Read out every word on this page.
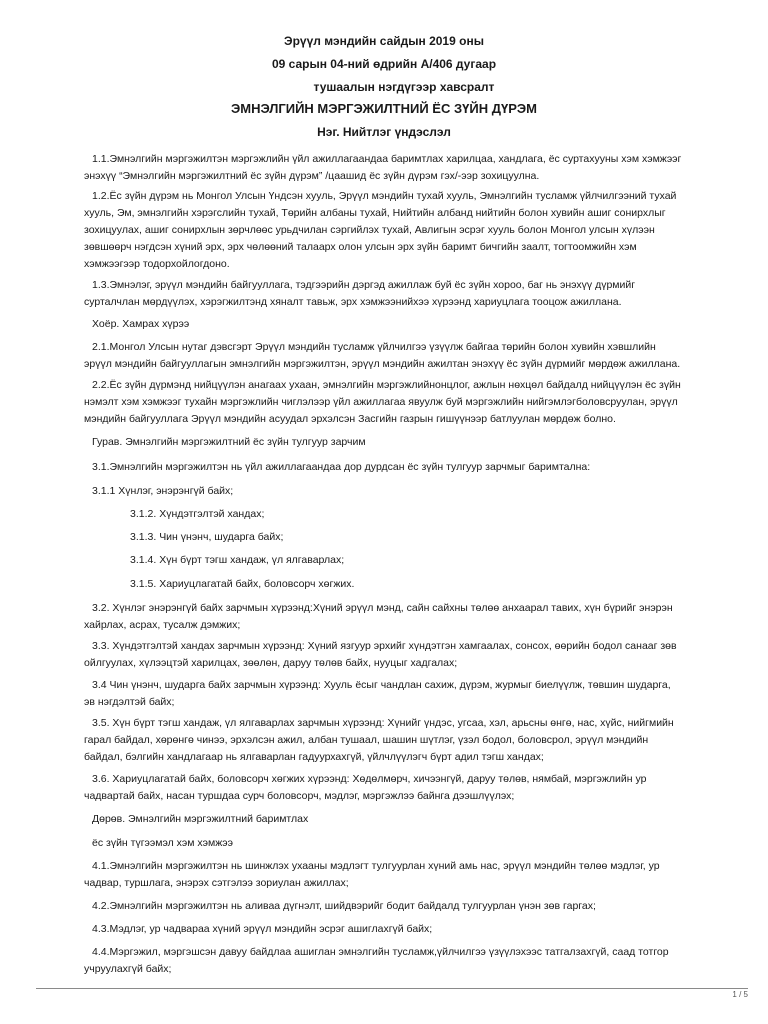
Эрүүл мэндийн сайдын 2019 оны
09 сарын 04-ний өдрийн А/406 дугаар
тушаалын нэгдүгээр хавсралт
ЭМНЭЛГИЙН МЭРГЭЖИЛТНИЙ ЁС ЗҮЙН ДҮРЭМ
Нэг. Нийтлэг үндэслэл

1.1.Эмнэлгийн мэргэжилтэн мэргэжлийн үйл ажиллагаандаа баримтлах харилцаа, хандлага, ёс суртахууны хэм хэмжээг энэхүү “Эмнэлгийн мэргэжилтний ёс зүйн дүрэм” /цаашид ёс зүйн дүрэм гэх/-ээр зохицуулна.

1.2.Ёс зүйн дүрэм нь Монгол Улсын Үндсэн хууль, Эрүүл мэндийн тухай хууль, Эмнэлгийн тусламж үйлчилгээний тухай хууль, Эм, эмнэлгийн хэрэгслийн тухай, Төрийн албаны тухай, Нийтийн албанд нийтийн болон хувийн ашиг сонирхлыг зохицуулах, ашиг сонирхлын зөрчлөөс урьдчилан сэргийлэх тухай, Авлигын эсрэг хууль болон Монгол улсын хүлээн зөвшөөрч нэгдсэн хүний эрх, эрх чөлөөний талаарх олон улсын эрх зүйн баримт бичгийн заалт, тогтоомжийн хэм хэмжээгээр тодорхойлогдоно.

1.3.Эмнэлэг, эрүүл мэндийн байгууллага, тэдгээрийн дэргэд ажиллаж буй ёс зүйн хороо, баг нь энэхүү дүрмийг сурталчлан мөрдүүлэх, хэрэгжилтэнд хяналт тавьж, эрх хэмжээнийхээ хүрээнд хариуцлага тооцож ажиллана.

Хоёр. Хамрах хүрээ

2.1.Монгол Улсын нутаг дэвсгэрт Эрүүл мэндийн тусламж үйлчилгээ үзүүлж байгаа төрийн болон хувийн хэвшлийн эрүүл мэндийн байгууллагын эмнэлгийн мэргэжилтэн, эрүүл мэндийн ажилтан энэхүү ёс зүйн дүрмийг мөрдөж ажиллана.

2.2.Ёс зүйн дүрмэнд нийцүүлэн анагаах ухаан, эмнэлгийн мэргэжлийнонцлог, ажлын нөхцөл байдалд нийцүүлэн ёс зүйн нэмэлт хэм хэмжээг тухайн мэргэжлийн чиглэлээр үйл ажиллагаа явуулж буй мэргэжлийн нийгэмлэгболовсруулан, эрүүл мэндийн байгууллага Эрүүл мэндийн асуудал эрхэлсэн Засгийн газрын гишүүнээр батлуулан мөрдөж болно.

Гурав. Эмнэлгийн мэргэжилтний ёс зүйн тулгуур зарчим
3.1.Эмнэлгийн мэргэжилтэн нь үйл ажиллагаандаа дор дурдсан ёс зүйн тулгуур зарчмыг баримтална:
3.1.1 Хүнлэг, энэрэнгүй байх;
3.1.2. Хүндэтгэлтэй хандах;
3.1.3. Чин үнэнч, шударга байх;
3.1.4. Хүн бүрт тэгш хандаж, үл ялгаварлах;
3.1.5. Хариуцлагатай байх, боловсорч хөгжих.

3.2. Хүнлэг энэрэнгүй байх зарчмын хүрээнд:Хүний эрүүл мэнд, сайн сайхны төлөө анхаарал тавих, хүн бүрийг энэрэн хайрлах, асрах, тусалж дэмжих;

3.3. Хүндэтгэлтэй хандах зарчмын хүрээнд: Хүний язгуур эрхийг хүндэтгэн хамгаалах, сонсох, өөрийн бодол санааг зөв ойлгуулах, хүлээцтэй харилцах, зөөлөн, даруу төлөв байх, нууцыг хадгалах;

3.4 Чин үнэнч, шударга байх зарчмын хүрээнд: Хууль ёсыг чандлан сахиж, дүрэм, журмыг биелүүлж, төвшин шударга, эв нэгдэлтэй байх;

3.5. Хүн бүрт тэгш хандаж, үл ялгаварлах зарчмын хүрээнд: Хүнийг үндэс, угсаа, хэл, арьсны өнгө, нас, хүйс, нийгмийн гарал байдал, хөрөнгө чинээ, эрхэлсэн ажил, албан тушаал, шашин шүтлэг, үзэл бодол, боловсрол, эрүүл мэндийн байдал, бэлгийн хандлагаар нь ялгаварлан гадуурхахгүй, үйлчлүүлэгч бүрт адил тэгш хандах;

3.6. Хариуцлагатай байх, боловсорч хөгжих хүрээнд: Хөдөлмөрч, хичээнгүй, даруу төлөв, нямбай, мэргэжлийн ур чадвартай байх, насан туршдаа сурч боловсорч, мэдлэг, мэргэжлээ байнга дээшлүүлэх;

Дөрөв. Эмнэлгийн мэргэжилтний баримтлах
ёс зүйн түгээмэл хэм хэмжээ

4.1.Эмнэлгийн мэргэжилтэн нь шинжлэх ухааны мэдлэгт тулгуурлан хүний амь нас, эрүүл мэндийн төлөө мэдлэг, ур чадвар, туршлага, энэрэх сэтгэлээ зориулан ажиллах;

4.2.Эмнэлгийн мэргэжилтэн нь аливаа дүгнэлт, шийдвэрийг бодит байдалд тулгуурлан үнэн зөв гаргах;
4.3.Мэдлэг, ур чадвараа хүний эрүүл мэндийн эсрэг ашиглахгүй байх;

4.4.Мэргэжил, мэргэшсэн давуу байдлаа ашиглан эмнэлгийн тусламж,үйлчилгээ үзүүлэхээс татгалзахгүй, саад тотгор учруулахгүй байх;

1 / 5
